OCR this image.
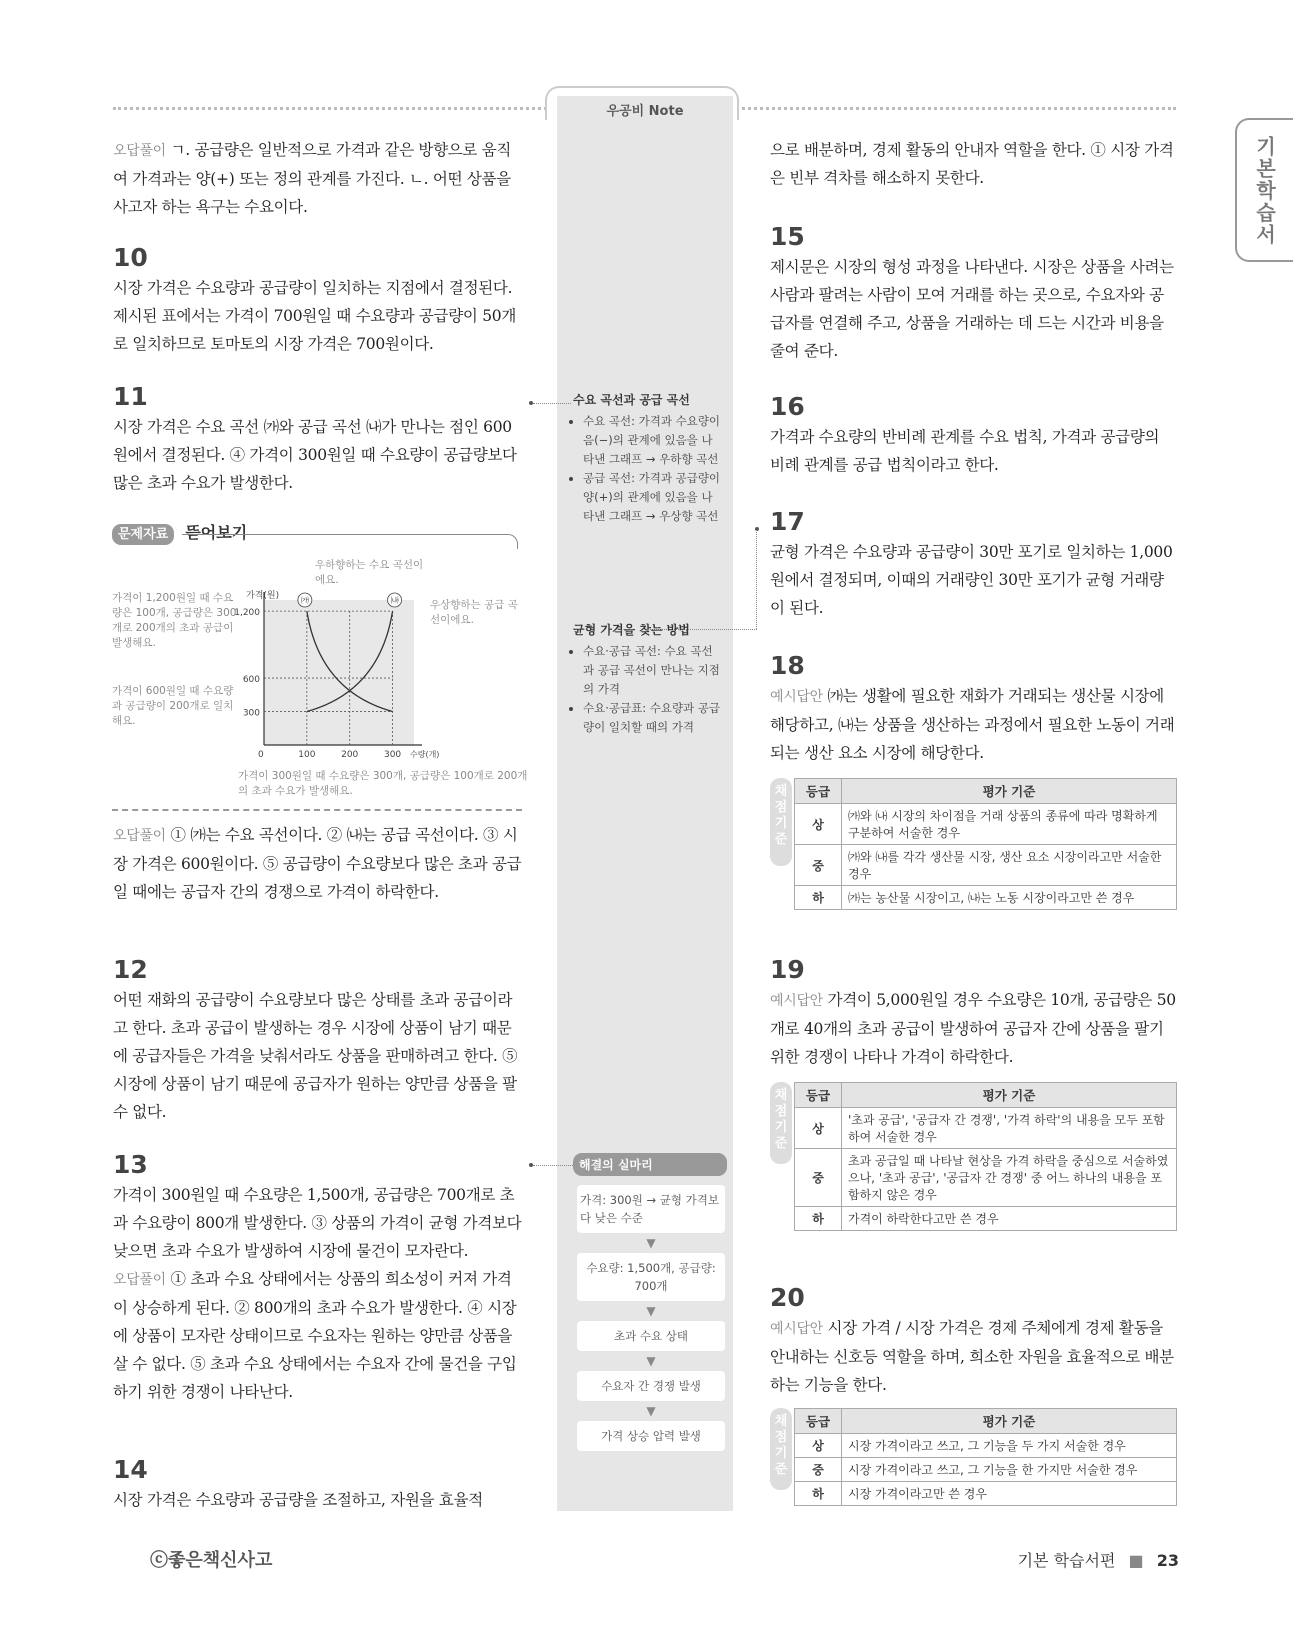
우공비 Note
기본학습서

오답풀이 ㄱ. 공급량은 일반적으로 가격과 같은 방향으로 움직여 가격과는 양(+) 또는 정의 관계를 가진다. ㄴ. 어떤 상품을 사고자 하는 욕구는 수요이다.

10

시장 가격은 수요량과 공급량이 일치하는 지점에서 결정된다. 제시된 표에서는 가격이 700원일 때 수요량과 공급량이 50개로 일치하므로 토마토의 시장 가격은 700원이다.

11

시장 가격은 수요 곡선 ㈎와 공급 곡선 ㈏가 만나는 점인 600원에서 결정된다. ④ 가격이 300원일 때 수요량이 공급량보다 많은 초과 수요가 발생한다.

문제자료 뜯어보기
가격이 1,200원일 때 수요량은 100개, 공급량은 300개로 200개의 초과 공급이 발생해요.
가격이 600원일 때 수요량과 공급량이 200개로 일치해요.
우하향하는 수요 곡선이에요.
우상향하는 공급 곡선이에요.
가격이 300원일 때 수요량은 300개, 공급량은 100개로 200개의 초과 수요가 발생해요.
300
600
1,200
100	200	300
0
가격(원)
수량(개)
㈎	㈏

오답풀이 ① ㈎는 수요 곡선이다. ② ㈏는 공급 곡선이다. ③ 시장 가격은 600원이다. ⑤ 공급량이 수요량보다 많은 초과 공급일 때에는 공급자 간의 경쟁으로 가격이 하락한다.

12

어떤 재화의 공급량이 수요량보다 많은 상태를 초과 공급이라고 한다. 초과 공급이 발생하는 경우 시장에 상품이 남기 때문에 공급자들은 가격을 낮춰서라도 상품을 판매하려고 한다. ⑤ 시장에 상품이 남기 때문에 공급자가 원하는 양만큼 상품을 팔 수 없다.

13

가격이 300원일 때 수요량은 1,500개, 공급량은 700개로 초과 수요량이 800개 발생한다. ③ 상품의 가격이 균형 가격보다 낮으면 초과 수요가 발생하여 시장에 물건이 모자란다.

오답풀이 ① 초과 수요 상태에서는 상품의 희소성이 커져 가격이 상승하게 된다. ② 800개의 초과 수요가 발생한다. ④ 시장에 상품이 모자란 상태이므로 수요자는 원하는 양만큼 상품을 살 수 없다. ⑤ 초과 수요 상태에서는 수요자 간에 물건을 구입하기 위한 경쟁이 나타난다.

14

시장 가격은 수요량과 공급량을 조절하고, 자원을 효율적

수요 곡선과 공급 곡선
• 수요 곡선: 가격과 수요량이 음(−)의 관계에 있음을 나타낸 그래프 → 우하향 곡선
• 공급 곡선: 가격과 공급량이 양(+)의 관계에 있음을 나타낸 그래프 → 우상향 곡선
균형 가격을 찾는 방법
• 수요·공급 곡선: 수요 곡선과 공급 곡선이 만나는 지점의 가격
• 수요·공급표: 수요량과 공급량이 일치할 때의 가격
해결의 실마리
가격: 300원 → 균형 가격보다 낮은 수준
▼
수요량: 1,500개, 공급량: 700개
▼
초과 수요 상태
▼
수요자 간 경쟁 발생
▼
가격 상승 압력 발생

으로 배분하며, 경제 활동의 안내자 역할을 한다. ① 시장 가격은 빈부 격차를 해소하지 못한다.

15

제시문은 시장의 형성 과정을 나타낸다. 시장은 상품을 사려는 사람과 팔려는 사람이 모여 거래를 하는 곳으로, 수요자와 공급자를 연결해 주고, 상품을 거래하는 데 드는 시간과 비용을 줄여 준다.

16

가격과 수요량의 반비례 관계를 수요 법칙, 가격과 공급량의 비례 관계를 공급 법칙이라고 한다.

17

균형 가격은 수요량과 공급량이 30만 포기로 일치하는 1,000원에서 결정되며, 이때의 거래량인 30만 포기가 균형 거래량이 된다.

18

예시답안 ㈎는 생활에 필요한 재화가 거래되는 생산물 시장에 해당하고, ㈏는 상품을 생산하는 과정에서 필요한 노동이 거래되는 생산 요소 시장에 해당한다.

채
점
기
준
등급	평가 기준
상	㈎와 ㈏ 시장의 차이점을 거래 상품의 종류에 따라 명확하게 구분하여 서술한 경우
중	㈎와 ㈏를 각각 생산물 시장, 생산 요소 시장이라고만 서술한 경우
하	㈎는 농산물 시장이고, ㈏는 노동 시장이라고만 쓴 경우

19

예시답안 가격이 5,000원일 경우 수요량은 10개, 공급량은 50개로 40개의 초과 공급이 발생하여 공급자 간에 상품을 팔기 위한 경쟁이 나타나 가격이 하락한다.

채
점
기
준
등급	평가 기준
상	'초과 공급', '공급자 간 경쟁', '가격 하락'의 내용을 모두 포함하여 서술한 경우
중	초과 공급일 때 나타날 현상을 가격 하락을 중심으로 서술하였으나, '초과 공급', '공급자 간 경쟁' 중 어느 하나의 내용을 포함하지 않은 경우
하	가격이 하락한다고만 쓴 경우

20

예시답안 시장 가격 / 시장 가격은 경제 주체에게 경제 활동을 안내하는 신호등 역할을 하며, 희소한 자원을 효율적으로 배분하는 기능을 한다.

채
점
기
준
등급	평가 기준
상	시장 가격이라고 쓰고, 그 기능을 두 가지 서술한 경우
중	시장 가격이라고 쓰고, 그 기능을 한 가지만 서술한 경우
하	시장 가격이라고만 쓴 경우
ⓒ좋은책신사고	기본 학습서편 ■ 23
